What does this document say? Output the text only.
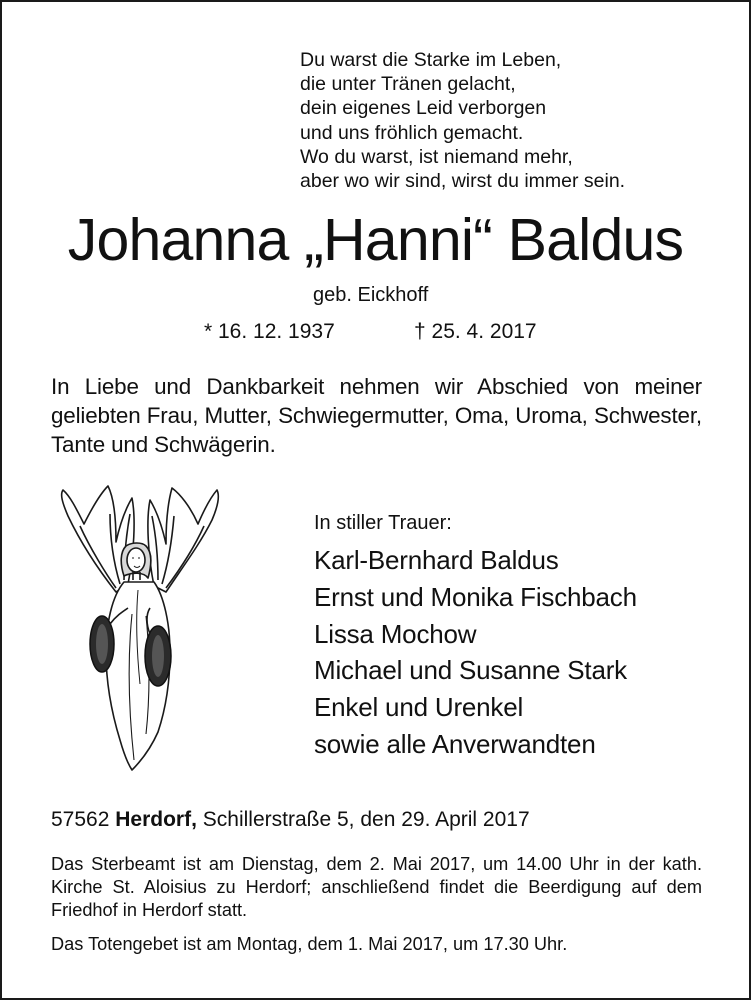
Du warst die Starke im Leben,
die unter Tränen gelacht,
dein eigenes Leid verborgen
und uns fröhlich gemacht.
Wo du warst, ist niemand mehr,
aber wo wir sind, wirst du immer sein.
Johanna „Hanni“ Baldus
geb. Eickhoff
* 16. 12. 1937	† 25. 4. 2017
In Liebe und Dankbarkeit nehmen wir Abschied von meiner geliebten Frau, Mutter, Schwiegermutter, Oma, Uroma, Schwester, Tante und Schwägerin.
In stiller Trauer:
Karl-Bernhard Baldus
Ernst und Monika Fischbach
Lissa Mochow
Michael und Susanne Stark
Enkel und Urenkel
sowie alle Anverwandten
57562 Herdorf, Schillerstraße 5, den 29. April 2017
Das Sterbeamt ist am Dienstag, dem 2. Mai 2017, um 14.00 Uhr in der kath. Kirche St. Aloisius zu Herdorf; anschließend findet die Beerdigung auf dem Friedhof in Herdorf statt.
Das Totengebet ist am Montag, dem 1. Mai 2017, um 17.30 Uhr.
